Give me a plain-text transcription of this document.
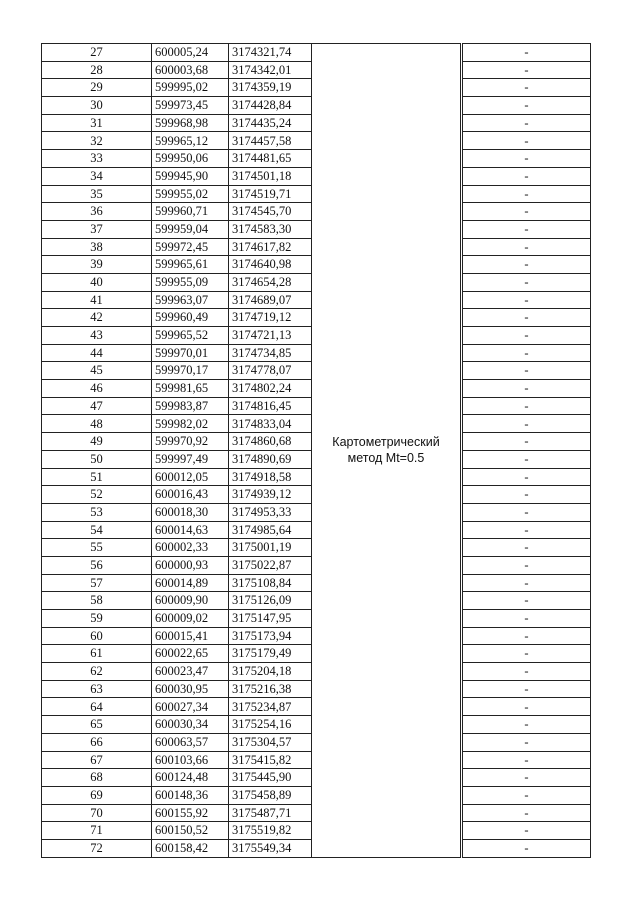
27	600005,24	3174321,74	Картометрический метод Mt=0.5		-
28	600003,68	3174342,01			-
29	599995,02	3174359,19			-
30	599973,45	3174428,84			-
31	599968,98	3174435,24			-
32	599965,12	3174457,58			-
33	599950,06	3174481,65			-
34	599945,90	3174501,18			-
35	599955,02	3174519,71			-
36	599960,71	3174545,70			-
37	599959,04	3174583,30			-
38	599972,45	3174617,82			-
39	599965,61	3174640,98			-
40	599955,09	3174654,28			-
41	599963,07	3174689,07			-
42	599960,49	3174719,12			-
43	599965,52	3174721,13			-
44	599970,01	3174734,85			-
45	599970,17	3174778,07			-
46	599981,65	3174802,24			-
47	599983,87	3174816,45			-
48	599982,02	3174833,04			-
49	599970,92	3174860,68			-
50	599997,49	3174890,69			-
51	600012,05	3174918,58			-
52	600016,43	3174939,12			-
53	600018,30	3174953,33			-
54	600014,63	3174985,64			-
55	600002,33	3175001,19			-
56	600000,93	3175022,87			-
57	600014,89	3175108,84			-
58	600009,90	3175126,09			-
59	600009,02	3175147,95			-
60	600015,41	3175173,94			-
61	600022,65	3175179,49			-
62	600023,47	3175204,18			-
63	600030,95	3175216,38			-
64	600027,34	3175234,87			-
65	600030,34	3175254,16			-
66	600063,57	3175304,57			-
67	600103,66	3175415,82			-
68	600124,48	3175445,90			-
69	600148,36	3175458,89			-
70	600155,92	3175487,71			-
71	600150,52	3175519,82			-
72	600158,42	3175549,34			-
